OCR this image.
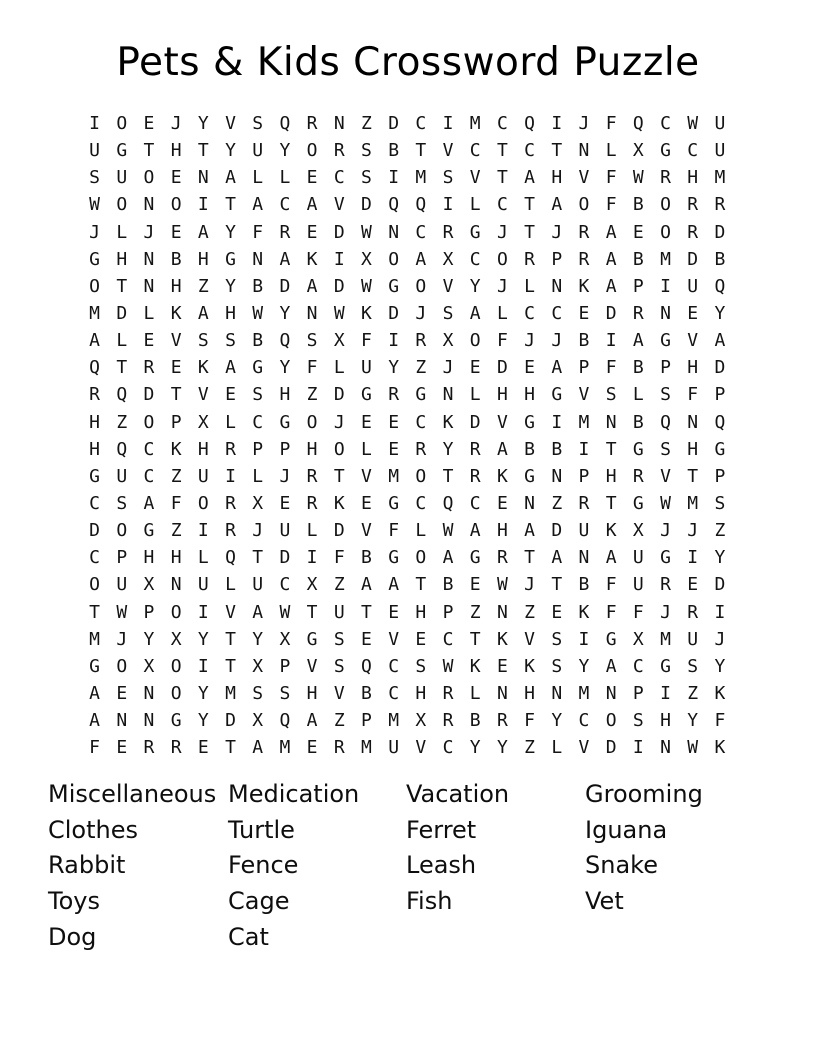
Pets & Kids Crossword Puzzle
I O E J Y V S Q R N Z D C I M C Q I J F Q C W U
U G T H T Y U Y O R S B T V C T C T N L X G C U
S U O E N A L L E C S I M S V T A H V F W R H M
W O N O I T A C A V D Q Q I L C T A O F B O R R
J L J E A Y F R E D W N C R G J T J R A E O R D
G H N B H G N A K I X O A X C O R P R A B M D B
O T N H Z Y B D A D W G O V Y J L N K A P I U Q
M D L K A H W Y N W K D J S A L C C E D R N E Y
A L E V S S B Q S X F I R X O F J J B I A G V A
Q T R E K A G Y F L U Y Z J E D E A P F B P H D
R Q D T V E S H Z D G R G N L H H G V S L S F P
H Z O P X L C G O J E E C K D V G I M N B Q N Q
H Q C K H R P P H O L E R Y R A B B I T G S H G
G U C Z U I L J R T V M O T R K G N P H R V T P
C S A F O R X E R K E G C Q C E N Z R T G W M S
D O G Z I R J U L D V F L W A H A D U K X J J Z
C P H H L Q T D I F B G O A G R T A N A U G I Y
O U X N U L U C X Z A A T B E W J T B F U R E D
T W P O I V A W T U T E H P Z N Z E K F F J R I
M J Y X Y T Y X G S E V E C T K V S I G X M U J
G O X O I T X P V S Q C S W K E K S Y A C G S Y
A E N O Y M S S H V B C H R L N H N M N P I Z K
A N N G Y D X Q A Z P M X R B R F Y C O S H Y F
F E R R E T A M E R M U V C Y Y Z L V D I N W K
Miscellaneous
Clothes
Rabbit
Toys
Dog
Medication
Turtle
Fence
Cage
Cat
Vacation
Ferret
Leash
Fish
Grooming
Iguana
Snake
Vet
